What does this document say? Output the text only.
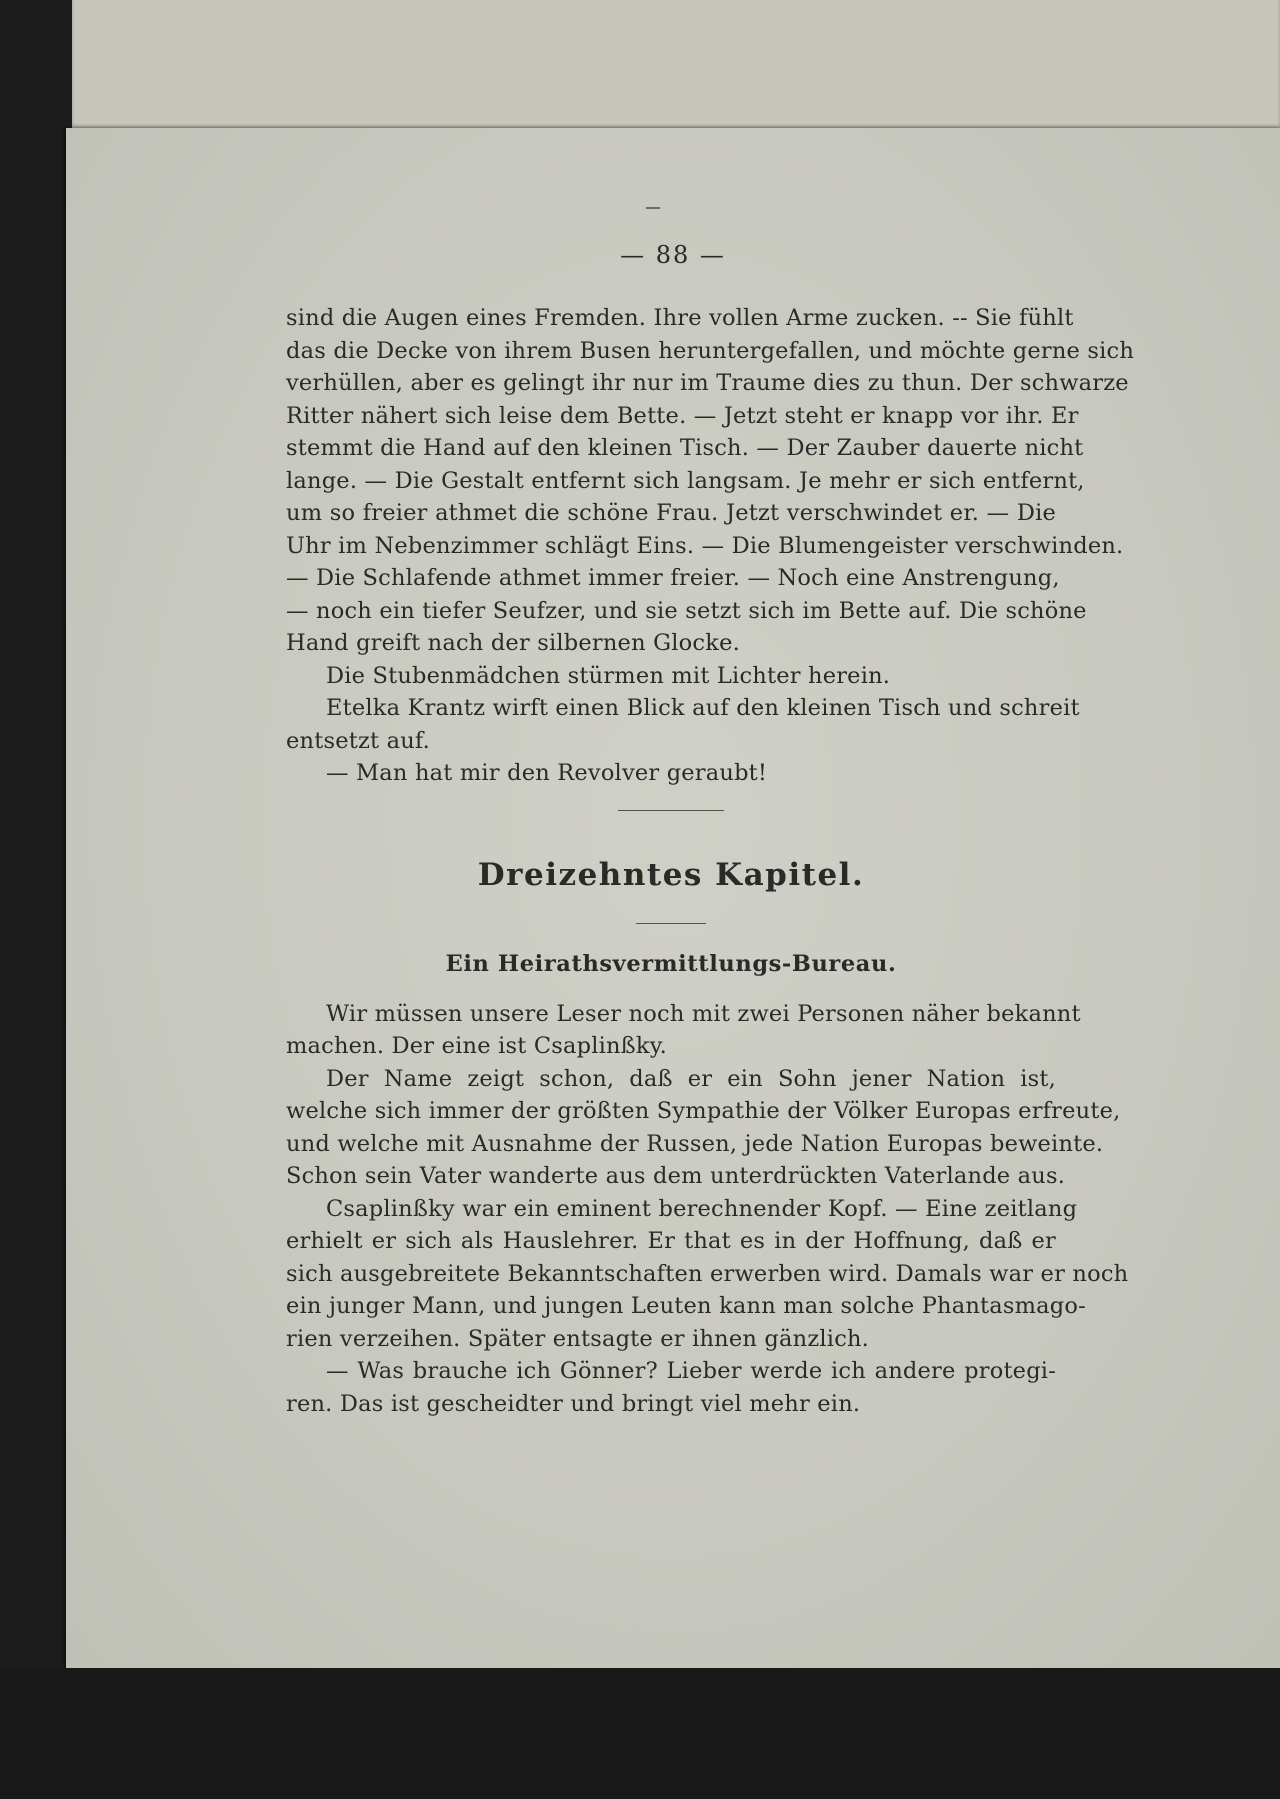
— 88 —

sind die Augen eines Fremden. Ihre vollen Arme zucken. -- Sie fühlt
das die Decke von ihrem Busen heruntergefallen, und möchte gerne sich
verhüllen, aber es gelingt ihr nur im Traume dies zu thun. Der schwarze
Ritter nähert sich leise dem Bette. — Jetzt steht er knapp vor ihr. Er
stemmt die Hand auf den kleinen Tisch. — Der Zauber dauerte nicht
lange. — Die Gestalt entfernt sich langsam. Je mehr er sich entfernt,
um so freier athmet die schöne Frau. Jetzt verschwindet er. — Die
Uhr im Nebenzimmer schlägt Eins. — Die Blumengeister verschwinden.
— Die Schlafende athmet immer freier. — Noch eine Anstrengung,
— noch ein tiefer Seufzer, und sie setzt sich im Bette auf. Die schöne
Hand greift nach der silbernen Glocke.

Die Stubenmädchen stürmen mit Lichter herein.

Etelka Krantz wirft einen Blick auf den kleinen Tisch und schreit
entsetzt auf.

— Man hat mir den Revolver geraubt!

Dreizehntes Kapitel.
Ein Heirathsvermittlungs-Bureau.

Wir müssen unsere Leser noch mit zwei Personen näher bekannt
machen. Der eine ist Csaplinßky.

Der Name zeigt schon, daß er ein Sohn jener Nation ist,
welche sich immer der größten Sympathie der Völker Europas erfreute,
und welche mit Ausnahme der Russen, jede Nation Europas beweinte.
Schon sein Vater wanderte aus dem unterdrückten Vaterlande aus.

Csaplinßky war ein eminent berechnender Kopf. — Eine zeitlang
erhielt er sich als Hauslehrer. Er that es in der Hoffnung, daß er
sich ausgebreitete Bekanntschaften erwerben wird. Damals war er noch
ein junger Mann, und jungen Leuten kann man solche Phantasmago-
rien verzeihen. Später entsagte er ihnen gänzlich.

— Was brauche ich Gönner? Lieber werde ich andere protegi-
ren. Das ist gescheidter und bringt viel mehr ein.
